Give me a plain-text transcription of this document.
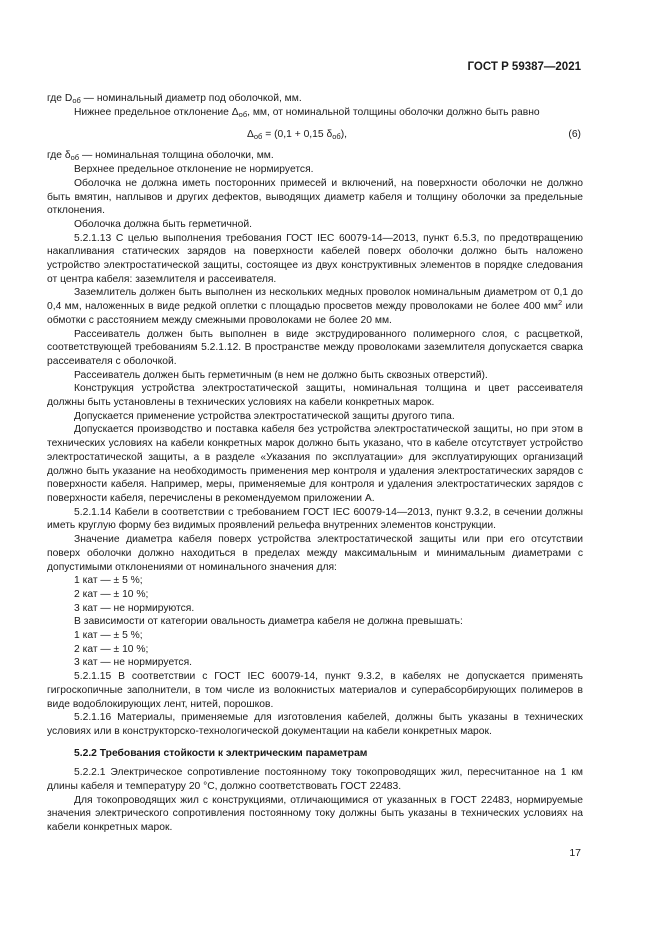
ГОСТ Р 59387—2021

где $D_{об}$ — номинальный диаметр под оболочкой, мм.

Нижнее предельное отклонение $\Delta_{об}$, мм, от номинальной толщины оболочки должно быть равно

$\Delta_{об} = (0,1 + 0,15$ $\delta_{об}$),	(6)

где $\delta_{об}$ — номинальная толщина оболочки, мм.

Верхнее предельное отклонение не нормируется.

Оболочка не должна иметь посторонних примесей и включений, на поверхности оболочки не должно быть вмятин, наплывов и других дефектов, выводящих диаметр кабеля и толщину оболочки за предельные отклонения.

Оболочка должна быть герметичной.

5.2.1.13 С целью выполнения требования ГОСТ IEC 60079-14—2013, пункт 6.5.3, по предотвращению накапливания статических зарядов на поверхности кабелей поверх оболочки должно быть наложено устройство электростатической защиты, состоящее из двух конструктивных элементов в порядке следования от центра кабеля: заземлителя и рассеивателя.

Заземлитель должен быть выполнен из нескольких медных проволок номинальным диаметром от 0,1 до 0,4 мм, наложенных в виде редкой оплетки с площадью просветов между проволоками не более 400 $мм^2$ или обмотки с расстоянием между смежными проволоками не более 20 мм.

Рассеиватель должен быть выполнен в виде экструдированного полимерного слоя, с расцветкой, соответствующей требованиям 5.2.1.12. В пространстве между проволоками заземлителя допускается сварка рассеивателя с оболочкой.

Рассеиватель должен быть герметичным (в нем не должно быть сквозных отверстий).

Конструкция устройства электростатической защиты, номинальная толщина и цвет рассеивателя должны быть установлены в технических условиях на кабели конкретных марок.

Допускается применение устройства электростатической защиты другого типа.

Допускается производство и поставка кабеля без устройства электростатической защиты, но при этом в технических условиях на кабели конкретных марок должно быть указано, что в кабеле отсутствует устройство электростатической защиты, а в разделе «Указания по эксплуатации» для эксплуатирующих организаций должно быть указание на необходимость применения мер контроля и удаления электростатических зарядов с поверхности кабеля. Например, меры, применяемые для контроля и удаления электростатических зарядов с поверхности кабеля, перечислены в рекомендуемом приложении А.

5.2.1.14 Кабели в соответствии с требованием ГОСТ IEC 60079-14—2013, пункт 9.3.2, в сечении должны иметь круглую форму без видимых проявлений рельефа внутренних элементов конструкции.

Значение диаметра кабеля поверх устройства электростатической защиты или при его отсутствии поверх оболочки должно находиться в пределах между максимальным и минимальным диаметрами с допустимыми отклонениями от номинального значения для:

1 кат — ± 5 %;

2 кат — ± 10 %;

3 кат — не нормируются.

В зависимости от категории овальность диаметра кабеля не должна превышать:

1 кат — ± 5 %;

2 кат — ± 10 %;

3 кат — не нормируется.

5.2.1.15 В соответствии с ГОСТ IEC 60079-14, пункт 9.3.2, в кабелях не допускается применять гигроскопичные заполнители, в том числе из волокнистых материалов и суперабсорбирующих полимеров в виде водоблокирующих лент, нитей, порошков.

5.2.1.16 Материалы, применяемые для изготовления кабелей, должны быть указаны в технических условиях или в конструкторско-технологической документации на кабели конкретных марок.

5.2.2 Требования стойкости к электрическим параметрам

5.2.2.1 Электрическое сопротивление постоянному току токопроводящих жил, пересчитанное на 1 км длины кабеля и температуру 20 °С, должно соответствовать ГОСТ 22483.

Для токопроводящих жил с конструкциями, отличающимися от указанных в ГОСТ 22483, нормируемые значения электрического сопротивления постоянному току должны быть указаны в технических условиях на кабели конкретных марок.

17
